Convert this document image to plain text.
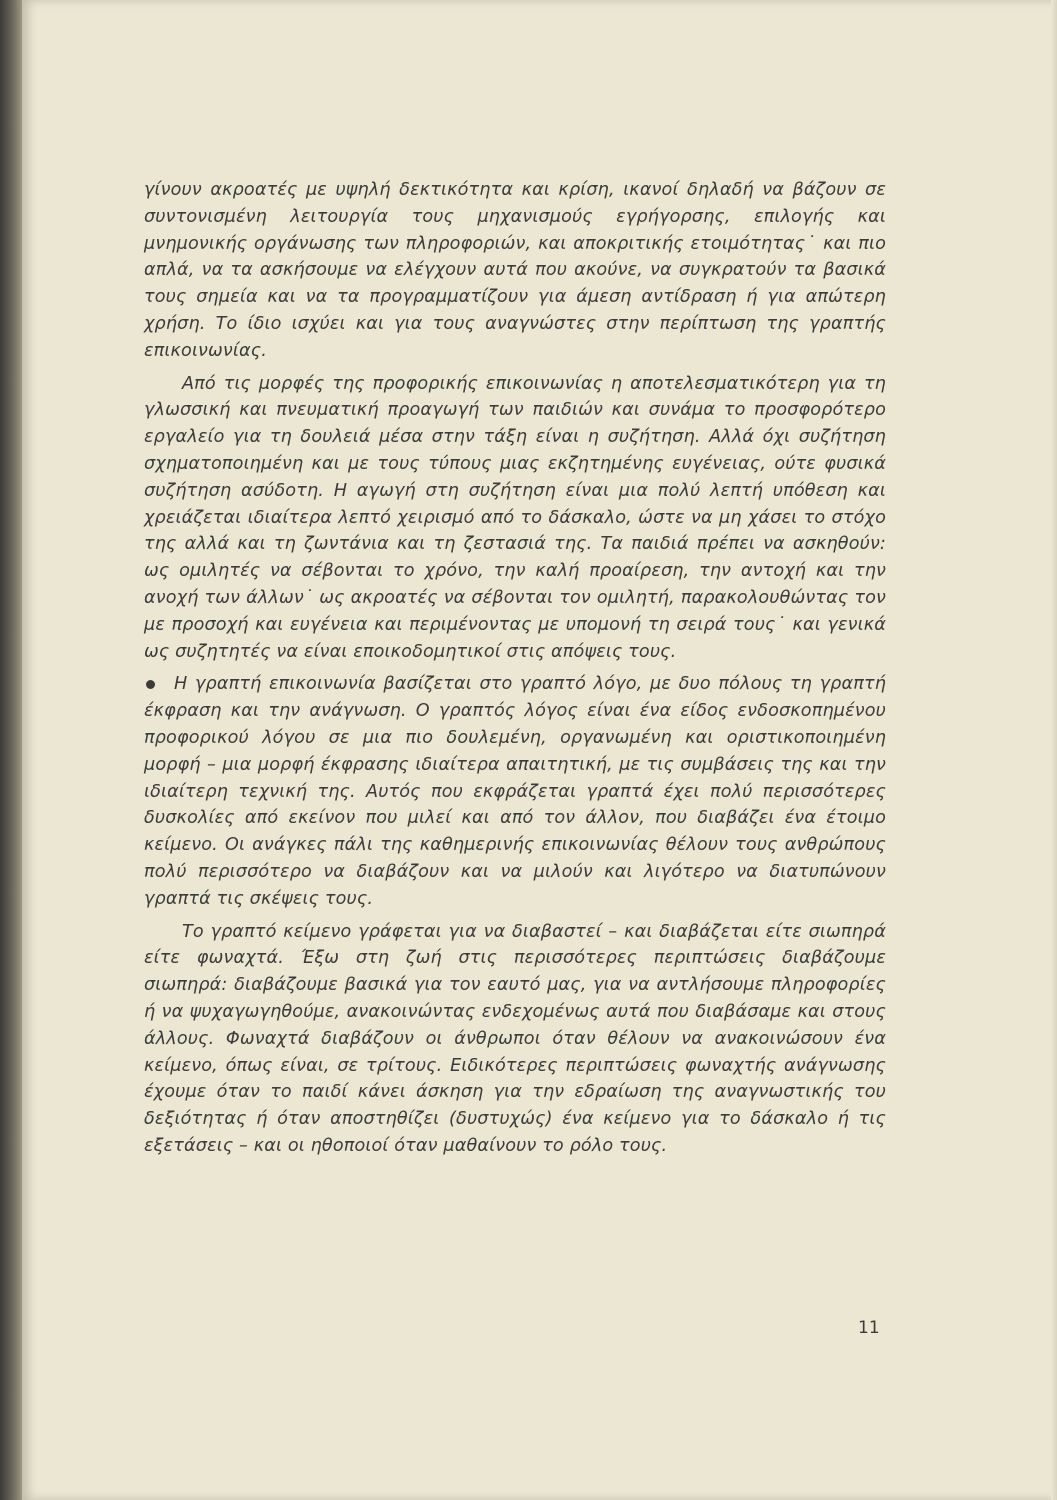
γίνουν ακροατές με υψηλή δεκτικότητα και κρίση, ικανοί δηλαδή να βάζουν σε συντονισμένη λειτουργία τους μηχανισμούς εγρήγορσης, επιλογής και μνημονικής οργάνωσης των πληροφοριών, και αποκριτικής ετοιμότητας˙ και πιο απλά, να τα ασκήσουμε να ελέγχουν αυτά που ακούνε, να συγκρατούν τα βασικά τους σημεία και να τα προγραμματίζουν για άμεση αντίδραση ή για απώτερη χρήση. Το ίδιο ισχύει και για τους αναγνώστες στην περίπτωση της γραπτής επικοινωνίας.

Από τις μορφές της προφορικής επικοινωνίας η αποτελεσματικότερη για τη γλωσσική και πνευματική προαγωγή των παιδιών και συνάμα το προσφορότερο εργαλείο για τη δουλειά μέσα στην τάξη είναι η συζήτηση. Αλλά όχι συζήτηση σχηματοποιημένη και με τους τύπους μιας εκζητημένης ευγένειας, ούτε φυσικά συζήτηση ασύδοτη. Η αγωγή στη συζήτηση είναι μια πολύ λεπτή υπόθεση και χρειάζεται ιδιαίτερα λεπτό χειρισμό από το δάσκαλο, ώστε να μη χάσει το στόχο της αλλά και τη ζωντάνια και τη ζεστασιά της. Τα παιδιά πρέπει να ασκηθούν: ως ομιλητές να σέβονται το χρόνο, την καλή προαίρεση, την αντοχή και την ανοχή των άλλων˙ ως ακροατές να σέβονται τον ομιλητή, παρακολουθώντας τον με προσοχή και ευγένεια και περιμένοντας με υπομονή τη σειρά τους˙ και γενικά ως συζητητές να είναι εποικοδομητικοί στις απόψεις τους.

Η γραπτή επικοινωνία βασίζεται στο γραπτό λόγο, με δυο πόλους τη γραπτή έκφραση και την ανάγνωση. Ο γραπτός λόγος είναι ένα είδος ενδοσκοπημένου προφορικού λόγου σε μια πιο δουλεμένη, οργανωμένη και οριστικοποιημένη μορφή – μια μορφή έκφρασης ιδιαίτερα απαιτητική, με τις συμβάσεις της και την ιδιαίτερη τεχνική της. Αυτός που εκφράζεται γραπτά έχει πολύ περισσότερες δυσκολίες από εκείνον που μιλεί και από τον άλλον, που διαβάζει ένα έτοιμο κείμενο. Οι ανάγκες πάλι της καθημερινής επικοινωνίας θέλουν τους ανθρώπους πολύ περισσότερο να διαβάζουν και να μιλούν και λιγότερο να διατυπώνουν γραπτά τις σκέψεις τους.

Το γραπτό κείμενο γράφεται για να διαβαστεί – και διαβάζεται είτε σιωπηρά είτε φωναχτά. Έξω στη ζωή στις περισσότερες περιπτώσεις διαβάζουμε σιωπηρά: διαβάζουμε βασικά για τον εαυτό μας, για να αντλήσουμε πληροφορίες ή να ψυχαγωγηθούμε, ανακοινώντας ενδεχομένως αυτά που διαβάσαμε και στους άλλους. Φωναχτά διαβάζουν οι άνθρωποι όταν θέλουν να ανακοινώσουν ένα κείμενο, όπως είναι, σε τρίτους. Ειδικότερες περιπτώσεις φωναχτής ανάγνωσης έχουμε όταν το παιδί κάνει άσκηση για την εδραίωση της αναγνωστικής του δεξιότητας ή όταν αποστηθίζει (δυστυχώς) ένα κείμενο για το δάσκαλο ή τις εξετάσεις – και οι ηθοποιοί όταν μαθαίνουν το ρόλο τους.

11
